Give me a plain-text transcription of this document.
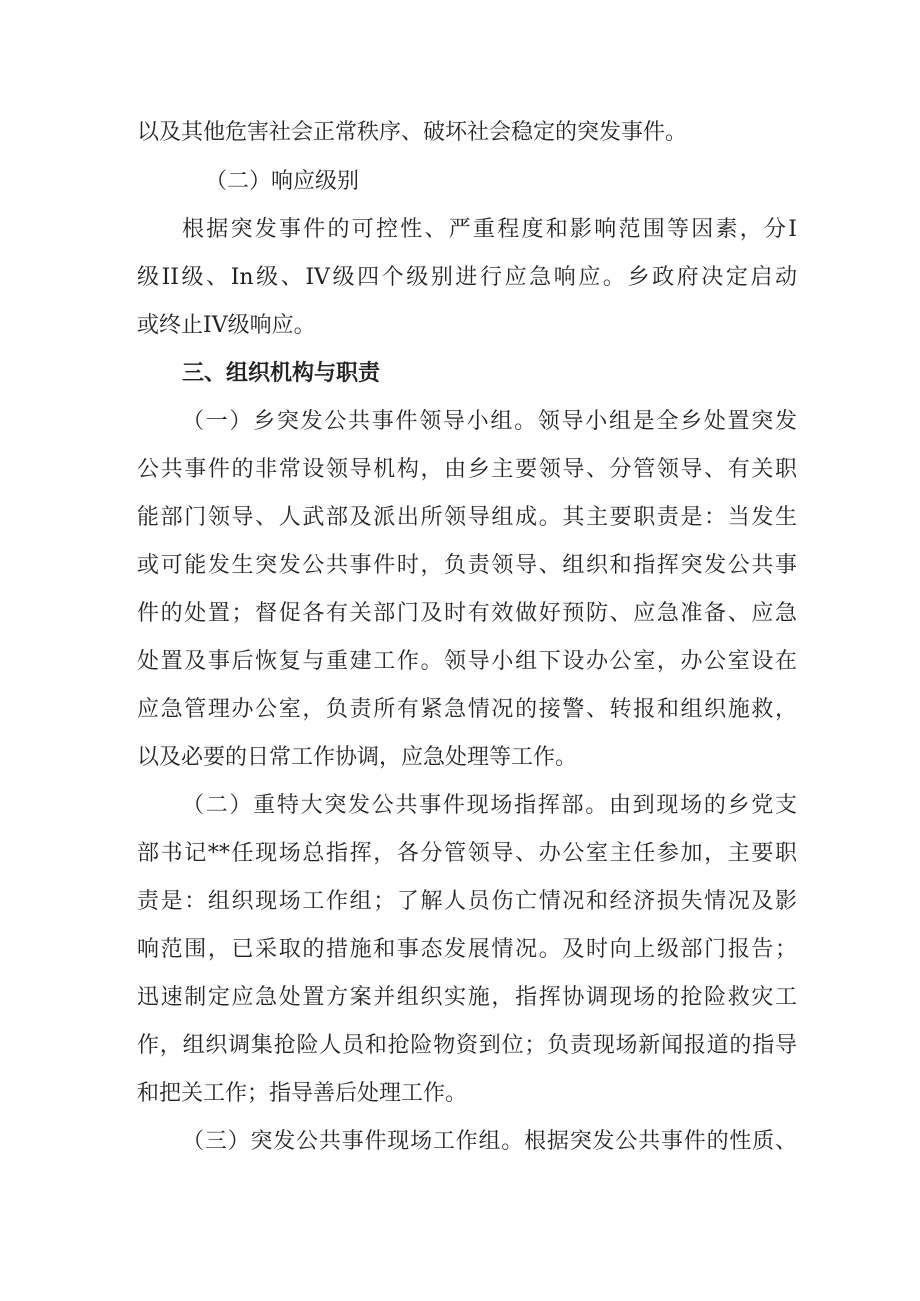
以及其他危害社会正常秩序、破坏社会稳定的突发事件。
（二）响应级别
根据突发事件的可控性、严重程度和影响范围等因素，分I
级II级、In级、IV级四个级别进行应急响应。乡政府决定启动
或终止IV级响应。
三、组织机构与职责
（一）乡突发公共事件领导小组。领导小组是全乡处置突发
公共事件的非常设领导机构，由乡主要领导、分管领导、有关职
能部门领导、人武部及派出所领导组成。其主要职责是：当发生
或可能发生突发公共事件时，负责领导、组织和指挥突发公共事
件的处置；督促各有关部门及时有效做好预防、应急准备、应急
处置及事后恢复与重建工作。领导小组下设办公室，办公室设在
应急管理办公室，负责所有紧急情况的接警、转报和组织施救，
以及必要的日常工作协调，应急处理等工作。
（二）重特大突发公共事件现场指挥部。由到现场的乡党支
部书记**任现场总指挥，各分管领导、办公室主任参加，主要职
责是：组织现场工作组；了解人员伤亡情况和经济损失情况及影
响范围，已采取的措施和事态发展情况。及时向上级部门报告；
迅速制定应急处置方案并组织实施，指挥协调现场的抢险救灾工
作，组织调集抢险人员和抢险物资到位；负责现场新闻报道的指导
和把关工作；指导善后处理工作。
（三）突发公共事件现场工作组。根据突发公共事件的性质、
